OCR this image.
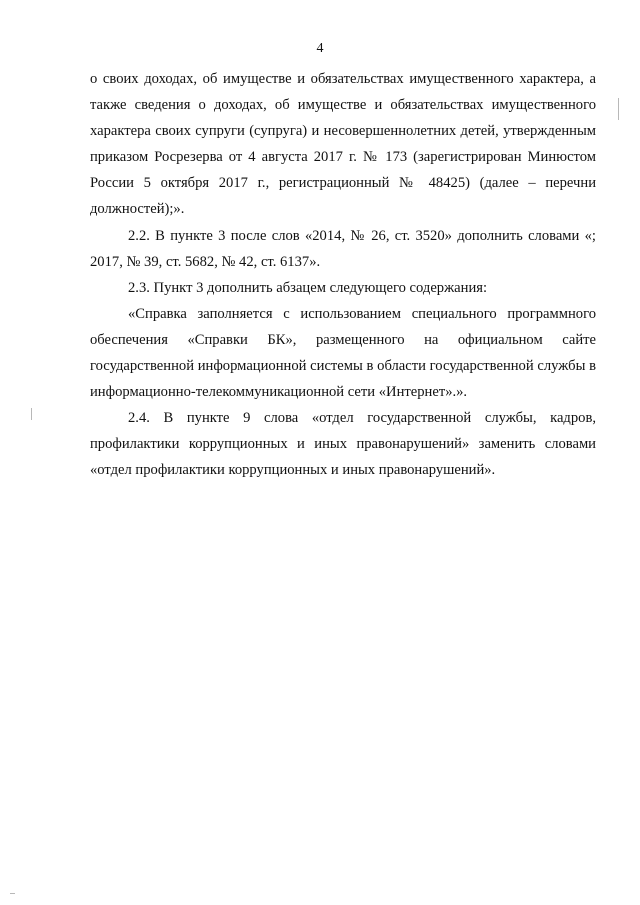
4

о своих доходах, об имуществе и обязательствах имущественного характера, а также сведения о доходах, об имуществе и обязательствах имущественного характера своих супруги (супруга) и несовершеннолетних детей, утвержденным приказом Росрезерва от 4 августа 2017 г. № 173 (зарегистрирован Минюстом России 5 октября 2017 г., регистрационный № 48425) (далее – перечни должностей);».

2.2. В пункте 3 после слов «2014, № 26, ст. 3520» дополнить словами «; 2017, № 39, ст. 5682, № 42, ст. 6137».

2.3. Пункт 3 дополнить абзацем следующего содержания:

«Справка заполняется с использованием специального программного обеспечения «Справки БК», размещенного на официальном сайте государственной информационной системы в области государственной службы в информационно-телекоммуникационной сети «Интернет».».

2.4. В пункте 9 слова «отдел государственной службы, кадров, профилактики коррупционных и иных правонарушений» заменить словами «отдел профилактики коррупционных и иных правонарушений».
